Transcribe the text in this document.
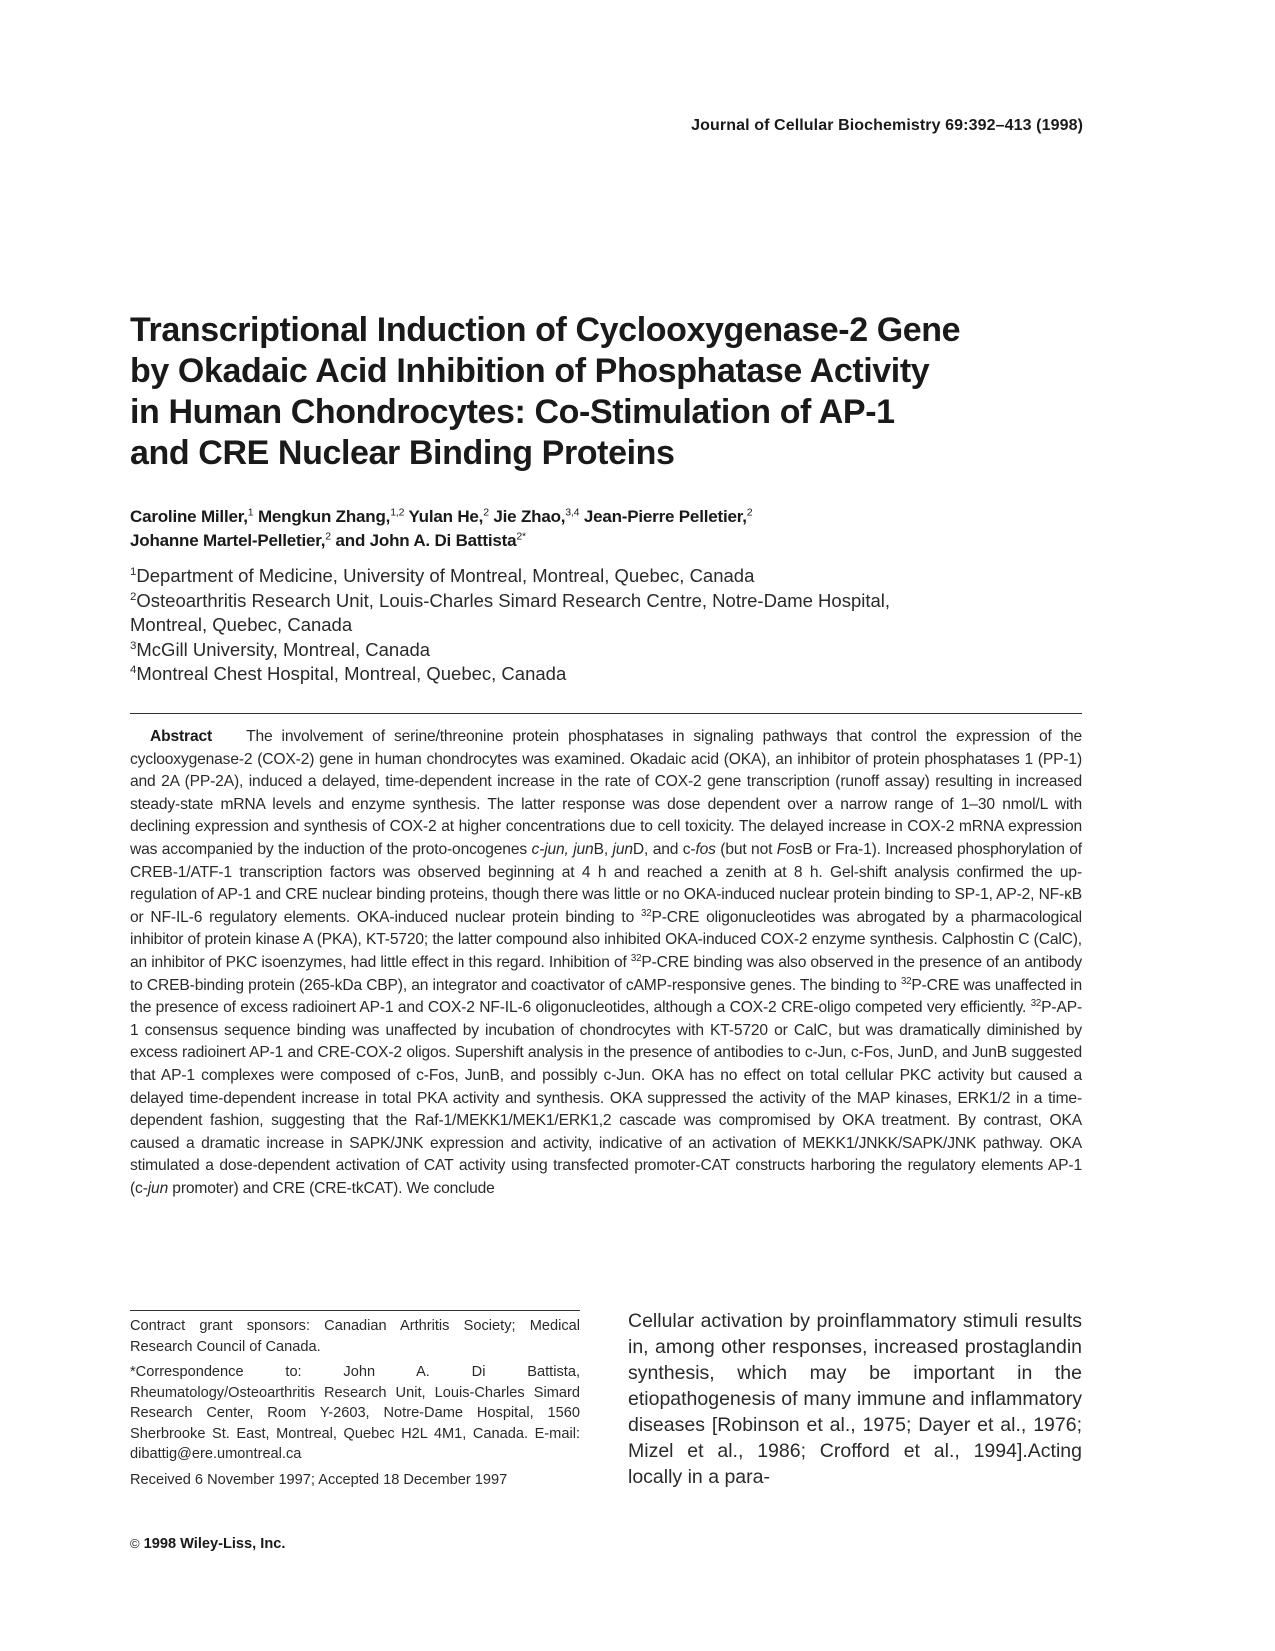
Journal of Cellular Biochemistry 69:392–413 (1998)

Transcriptional Induction of Cyclooxygenase-2 Gene
by Okadaic Acid Inhibition of Phosphatase Activity
in Human Chondrocytes: Co-Stimulation of AP-1
and CRE Nuclear Binding Proteins

Caroline Miller,$^1$ Mengkun Zhang,$^{1,2}$ Yulan He,$^2$ Jie Zhao,$^{3,4}$ Jean-Pierre Pelletier,$^2$
Johanne Martel-Pelletier,$^2$ and John A. Di Battista$^{2*}$

$^1$Department of Medicine, University of Montreal, Montreal, Quebec, Canada
$^2$Osteoarthritis Research Unit, Louis-Charles Simard Research Centre, Notre-Dame Hospital,
Montreal, Quebec, Canada
$^3$McGill University, Montreal, Canada
$^4$Montreal Chest Hospital, Montreal, Quebec, Canada

Abstract The involvement of serine/threonine protein phosphatases in signaling pathways that control the expression of the cyclooxygenase-2 (COX-2) gene in human chondrocytes was examined. Okadaic acid (OKA), an inhibitor of protein phosphatases 1 (PP-1) and 2A (PP-2A), induced a delayed, time-dependent increase in the rate of COX-2 gene transcription (runoff assay) resulting in increased steady-state mRNA levels and enzyme synthesis. The latter response was dose dependent over a narrow range of 1–30 nmol/L with declining expression and synthesis of COX-2 at higher concentrations due to cell toxicity. The delayed increase in COX-2 mRNA expression was accompanied by the induction of the proto-oncogenes c-jun, junB, junD, and c-fos (but not FosB or Fra-1). Increased phosphorylation of CREB-1/ATF-1 transcription factors was observed beginning at 4 h and reached a zenith at 8 h. Gel-shift analysis confirmed the up-regulation of AP-1 and CRE nuclear binding proteins, though there was little or no OKA-induced nuclear protein binding to SP-1, AP-2, NF-κB or NF-IL-6 regulatory elements. OKA-induced nuclear protein binding to $^{32}$P-CRE oligonucleotides was abrogated by a pharmacological inhibitor of protein kinase A (PKA), KT-5720; the latter compound also inhibited OKA-induced COX-2 enzyme synthesis. Calphostin C (CalC), an inhibitor of PKC isoenzymes, had little effect in this regard. Inhibition of $^{32}$P-CRE binding was also observed in the presence of an antibody to CREB-binding protein (265-kDa CBP), an integrator and coactivator of cAMP-responsive genes. The binding to $^{32}$P-CRE was unaffected in the presence of excess radioinert AP-1 and COX-2 NF-IL-6 oligonucleotides, although a COX-2 CRE-oligo competed very efficiently. $^{32}$P-AP-1 consensus sequence binding was unaffected by incubation of chondrocytes with KT-5720 or CalC, but was dramatically diminished by excess radioinert AP-1 and CRE-COX-2 oligos. Supershift analysis in the presence of antibodies to c-Jun, c-Fos, JunD, and JunB suggested that AP-1 complexes were composed of c-Fos, JunB, and possibly c-Jun. OKA has no effect on total cellular PKC activity but caused a delayed time-dependent increase in total PKA activity and synthesis. OKA suppressed the activity of the MAP kinases, ERK1/2 in a time-dependent fashion, suggesting that the Raf-1/MEKK1/MEK1/ERK1,2 cascade was compromised by OKA treatment. By contrast, OKA caused a dramatic increase in SAPK/JNK expression and activity, indicative of an activation of MEKK1/JNKK/SAPK/JNK pathway. OKA stimulated a dose-dependent activation of CAT activity using transfected promoter-CAT constructs harboring the regulatory elements AP-1 (c-jun promoter) and CRE (CRE-tkCAT). We conclude

Contract grant sponsors: Canadian Arthritis Society; Medical Research Council of Canada.

*Correspondence to: John A. Di Battista, Rheumatology/Osteoarthritis Research Unit, Louis-Charles Simard Research Center, Room Y-2603, Notre-Dame Hospital, 1560 Sherbrooke St. East, Montreal, Quebec H2L 4M1, Canada. E-mail: dibattig@ere.umontreal.ca

Received 6 November 1997; Accepted 18 December 1997

Cellular activation by proinflammatory stimuli results in, among other responses, increased prostaglandin synthesis, which may be important in the etiopathogenesis of many immune and inflammatory diseases [Robinson et al., 1975; Dayer et al., 1976; Mizel et al., 1986; Crofford et al., 1994].Acting locally in a para-

© 1998 Wiley-Liss, Inc.
